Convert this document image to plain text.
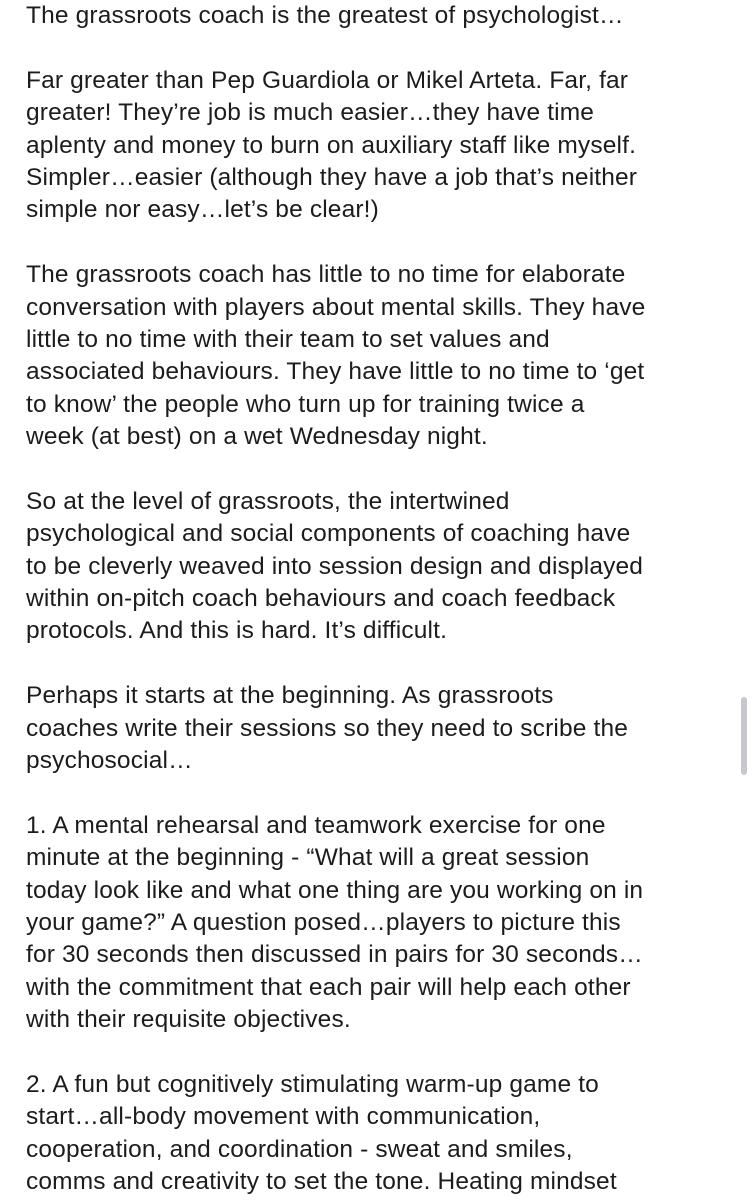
The grassroots coach is the greatest of psychologist…
Far greater than Pep Guardiola or Mikel Arteta. Far, far
greater! They’re job is much easier…they have time
aplenty and money to burn on auxiliary staff like myself.
Simpler…easier (although they have a job that’s neither
simple nor easy…let’s be clear!)
The grassroots coach has little to no time for elaborate
conversation with players about mental skills. They have
little to no time with their team to set values and
associated behaviours. They have little to no time to ‘get
to know’ the people who turn up for training twice a
week (at best) on a wet Wednesday night.
So at the level of grassroots, the intertwined
psychological and social components of coaching have
to be cleverly weaved into session design and displayed
within on-pitch coach behaviours and coach feedback
protocols. And this is hard. It’s difficult.
Perhaps it starts at the beginning. As grassroots
coaches write their sessions so they need to scribe the
psychosocial…
1. A mental rehearsal and teamwork exercise for one
minute at the beginning - “What will a great session
today look like and what one thing are you working on in
your game?” A question posed…players to picture this
for 30 seconds then discussed in pairs for 30 seconds…
with the commitment that each pair will help each other
with their requisite objectives.
2. A fun but cognitively stimulating warm-up game to
start…all-body movement with communication,
cooperation, and coordination - sweat and smiles,
comms and creativity to set the tone. Heating mindset
